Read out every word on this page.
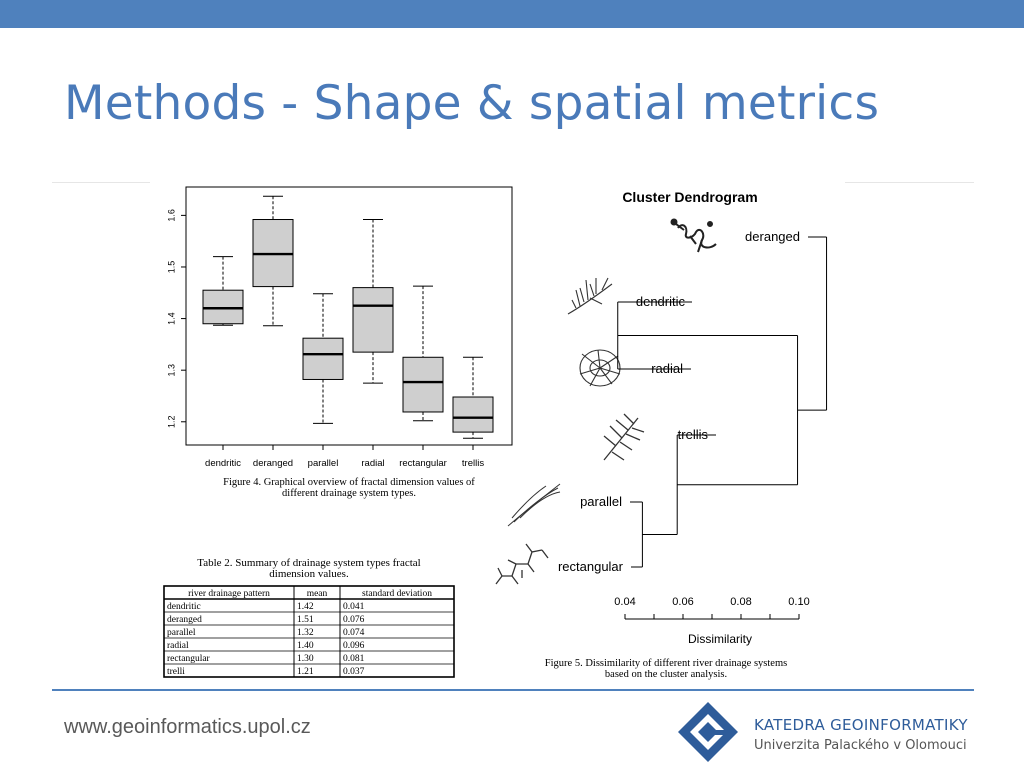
Methods - Shape & spatial metrics
Figure 4. Graphical overview of fractal dimension values of
different drainage system types.
1.2
1.3
1.4
1.5
1.6
dendritic deranged parallel radial rectangular trellis
Table 2. Summary of drainage system types fractal
dimension values.
river drainage pattern	mean	standard deviation
dendritic	1.42	0.041
deranged	1.51	0.076
parallel	1.32	0.074
radial	1.40	0.096
rectangular	1.30	0.081
trelli	1.21	0.037
Cluster Dendrogram
Dissimilarity
Figure 5. Dissimilarity of different river drainage systems
based on the cluster analysis.
deranged
dendritic
radial
trellis
parallel
rectangular
0.04	0.06	0.08	0.10
www.geoinformatics.upol.cz	KATEDRA GEOINFORMATIKY
Univerzita Palackého v Olomouci
